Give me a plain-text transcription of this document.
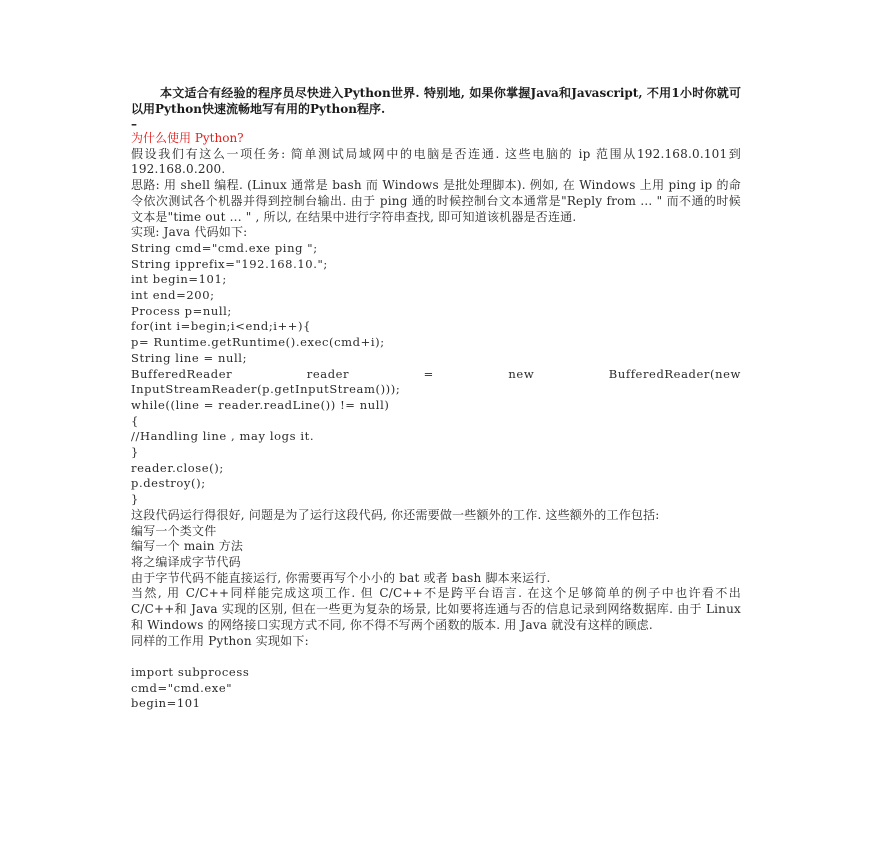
本文适合有经验的程序员尽快进入Python世界. 特别地, 如果你掌握Java和Javascript, 不用1小时你就可以用Python快速流畅地写有用的Python程序.

–

为什么使用 Python?

假设我们有这么一项任务: 简单测试局域网中的电脑是否连通. 这些电脑的 ip 范围从192.168.0.101到192.168.0.200.

思路: 用 shell 编程. (Linux 通常是 bash 而 Windows 是批处理脚本). 例如, 在 Windows 上用 ping ip 的命令依次测试各个机器并得到控制台输出. 由于 ping 通的时候控制台文本通常是"Reply from ... " 而不通的时候文本是"time out ... " , 所以, 在结果中进行字符串查找, 即可知道该机器是否连通.

实现: Java 代码如下:

String cmd="cmd.exe ping ";

String ipprefix="192.168.10.";

int begin=101;

int end=200;

Process p=null;

for(int i=begin;i<end;i++){

p= Runtime.getRuntime().exec(cmd+i);

String line = null;

BufferedReader	reader	=	new	BufferedReader(new

InputStreamReader(p.getInputStream()));

while((line = reader.readLine()) != null)

{

//Handling line , may logs it.

}

reader.close();

p.destroy();

}

这段代码运行得很好, 问题是为了运行这段代码, 你还需要做一些额外的工作. 这些额外的工作包括:

编写一个类文件

编写一个 main 方法

将之编译成字节代码

由于字节代码不能直接运行, 你需要再写个小小的 bat 或者 bash 脚本来运行.

当然, 用 C/C++同样能完成这项工作. 但 C/C++不是跨平台语言. 在这个足够简单的例子中也许看不出 C/C++和 Java 实现的区别, 但在一些更为复杂的场景, 比如要将连通与否的信息记录到网络数据库. 由于 Linux 和 Windows 的网络接口实现方式不同, 你不得不写两个函数的版本. 用 Java 就没有这样的顾虑.

同样的工作用 Python 实现如下:

import subprocess

cmd="cmd.exe"

begin=101
